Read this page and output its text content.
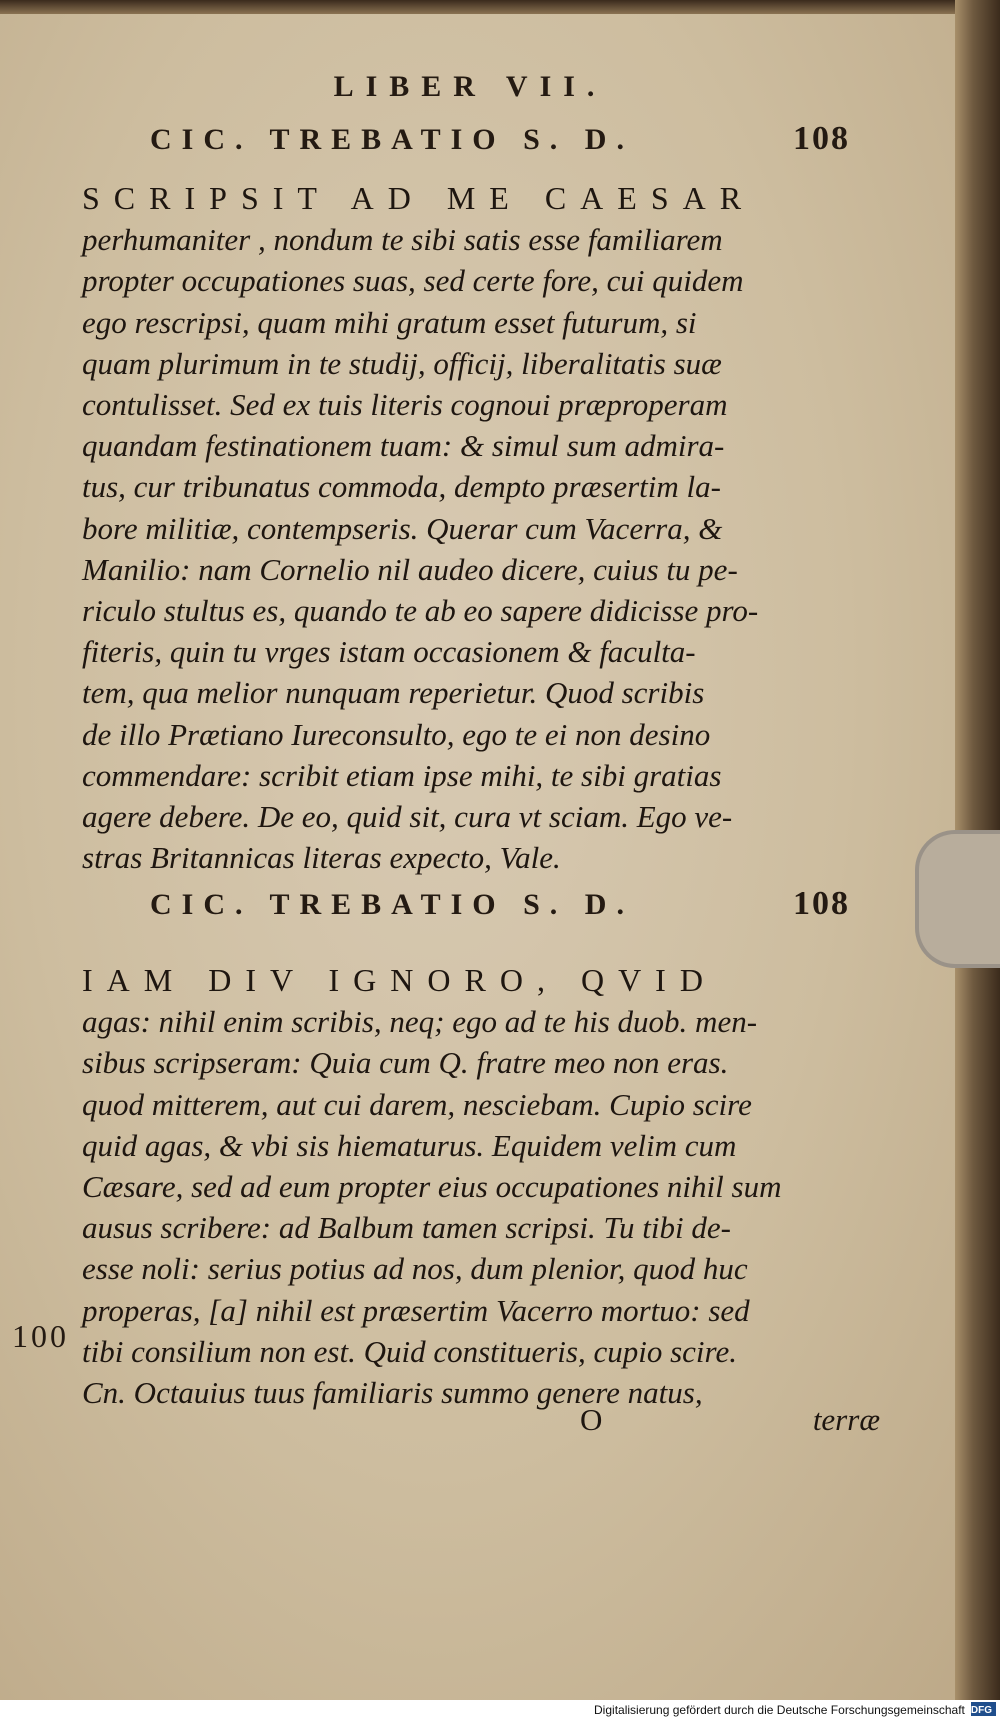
LIBER VII.
CIC. TREBATIO S. D.	108
SCRIPSIT AD ME CAESAR
perhumaniter , nondum te sibi satis esse familiarem
propter occupationes suas, sed certe fore, cui quidem
ego rescripsi, quam mihi gratum esset futurum, si
quam plurimum in te studij, officij, liberalitatis suæ
contulisset. Sed ex tuis literis cognoui præproperam
quandam festinationem tuam: & simul sum admira-
tus, cur tribunatus commoda, dempto præsertim la-
bore militiæ, contempseris. Querar cum Vacerra, &
Manilio: nam Cornelio nil audeo dicere, cuius tu pe-
riculo stultus es, quando te ab eo sapere didicisse pro-
fiteris, quin tu vrges istam occasionem & faculta-
tem, qua melior nunquam reperietur. Quod scribis
de illo Prætiano Iureconsulto, ego te ei non desino
commendare: scribit etiam ipse mihi, te sibi gratias
agere debere. De eo, quid sit, cura vt sciam. Ego ve-
stras Britannicas literas expecto, Vale.
CIC. TREBATIO S. D.	108
IAM DIV IGNORO, QVID
agas: nihil enim scribis, neq; ego ad te his duob. men-
sibus scripseram: Quia cum Q. fratre meo non eras.
quod mitterem, aut cui darem, nesciebam. Cupio scire
quid agas, & vbi sis hiematurus. Equidem velim cum
Cæsare, sed ad eum propter eius occupationes nihil sum
ausus scribere: ad Balbum tamen scripsi. Tu tibi de-
esse noli: serius potius ad nos, dum plenior, quod huc
properas, [a] nihil est præsertim Vacerro mortuo: sed
tibi consilium non est. Quid constitueris, cupio scire.
Cn. Octauius tuus familiaris summo genere natus,
100
O	terræ
Digitalisierung gefördert durch die Deutsche Forschungsgemeinschaft DFG
